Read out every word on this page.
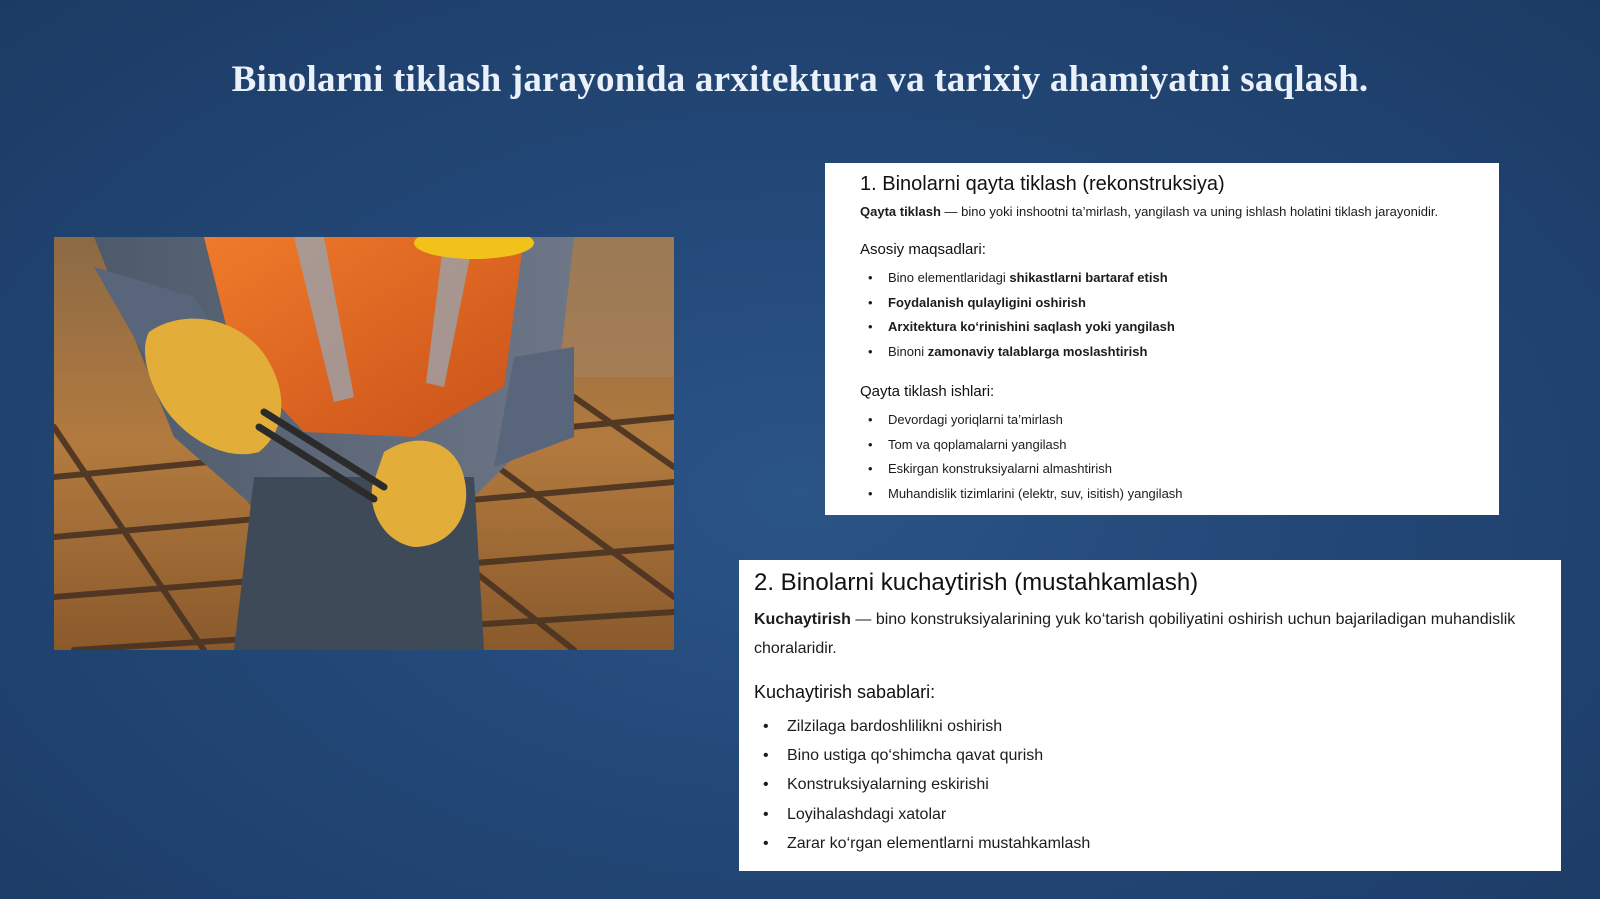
Binolarni tiklash jarayonida arxitektura va tarixiy ahamiyatni saqlash.
1. Binolarni qayta tiklash (rekonstruksiya)

Qayta tiklash — bino yoki inshootni ta’mirlash, yangilash va uning ishlash holatini tiklash jarayonidir.

Asosiy maqsadlari:
• Bino elementlaridagi shikastlarni bartaraf etish
• Foydalanish qulayligini oshirish
• Arxitektura ko‘rinishini saqlash yoki yangilash
• Binoni zamonaviy talablarga moslashtirish
Qayta tiklash ishlari:
• Devordagi yoriqlarni ta’mirlash
• Tom va qoplamalarni yangilash
• Eskirgan konstruksiyalarni almashtirish
• Muhandislik tizimlarini (elektr, suv, isitish) yangilash
2. Binolarni kuchaytirish (mustahkamlash)

Kuchaytirish — bino konstruksiyalarining yuk ko‘tarish qobiliyatini oshirish uchun bajariladigan muhandislik choralaridir.

Kuchaytirish sabablari:
• Zilzilaga bardoshlilikni oshirish
• Bino ustiga qo‘shimcha qavat qurish
• Konstruksiyalarning eskirishi
• Loyihalashdagi xatolar
• Zarar ko‘rgan elementlarni mustahkamlash
